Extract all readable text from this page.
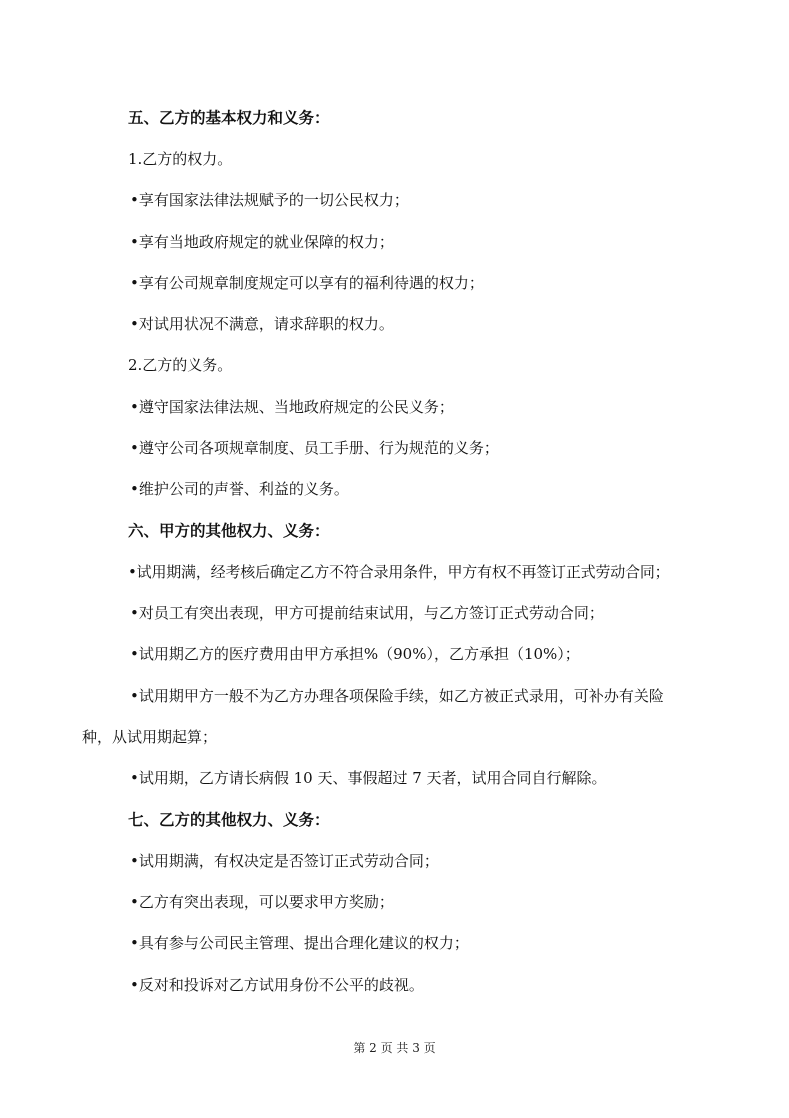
五、乙方的基本权力和义务：
1.乙方的权力。
•享有国家法律法规赋予的一切公民权力；
•享有当地政府规定的就业保障的权力；
•享有公司规章制度规定可以享有的福利待遇的权力；
•对试用状况不满意，请求辞职的权力。
2.乙方的义务。
•遵守国家法律法规、当地政府规定的公民义务；
•遵守公司各项规章制度、员工手册、行为规范的义务；
•维护公司的声誉、利益的义务。
六、甲方的其他权力、义务：
•试用期满，经考核后确定乙方不符合录用条件，甲方有权不再签订正式劳动合同；
•对员工有突出表现，甲方可提前结束试用，与乙方签订正式劳动合同；
•试用期乙方的医疗费用由甲方承担%（90%），乙方承担（10%）；
•试用期甲方一般不为乙方办理各项保险手续，如乙方被正式录用，可补办有关险
种，从试用期起算；
•试用期，乙方请长病假 10 天、事假超过 7 天者，试用合同自行解除。
七、乙方的其他权力、义务：
•试用期满，有权决定是否签订正式劳动合同；
•乙方有突出表现，可以要求甲方奖励；
•具有参与公司民主管理、提出合理化建议的权力；
•反对和投诉对乙方试用身份不公平的歧视。
第 2 页 共 3 页
